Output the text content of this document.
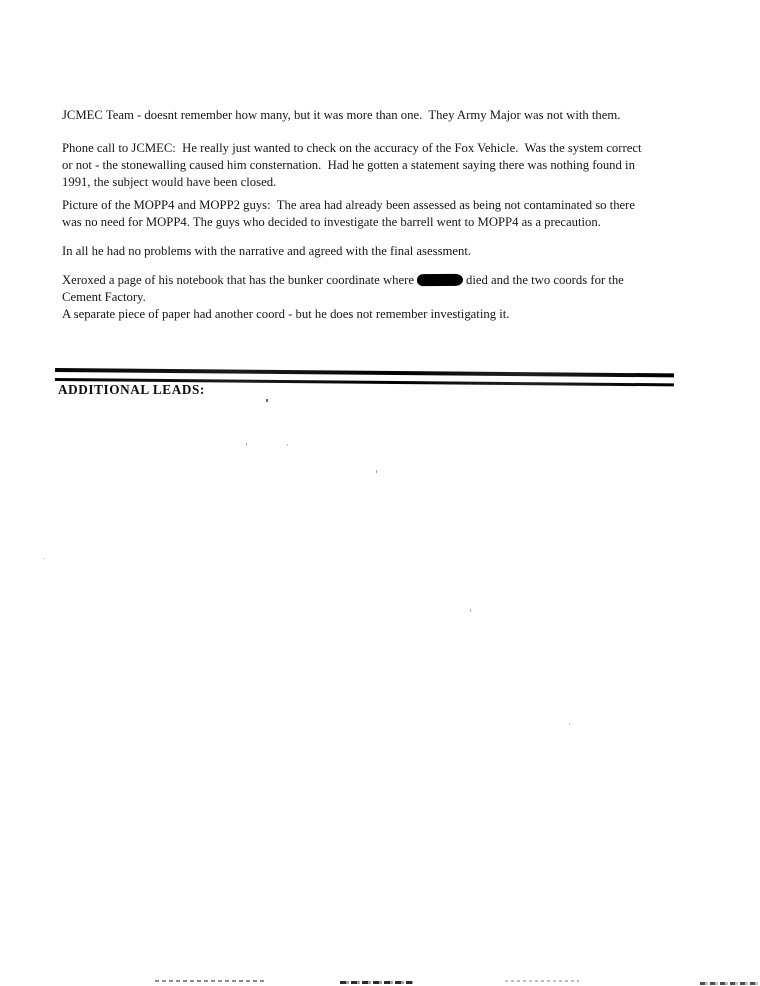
JCMEC Team - doesnt remember how many, but it was more than one.  They Army Major was not with them.
Phone call to JCMEC:  He really just wanted to check on the accuracy of the Fox Vehicle.  Was the system correct
or not - the stonewalling caused him consternation.  Had he gotten a statement saying there was nothing found in
1991, the subject would have been closed.
Picture of the MOPP4 and MOPP2 guys:  The area had already been assessed as being not contaminated so there
was no need for MOPP4. The guys who decided to investigate the barrell went to MOPP4 as a precaution.
In all he had no problems with the narrative and agreed with the final asessment.
Xeroxed a page of his notebook that has the bunker coordinate where	died and the two coords for the
Cement Factory.
A separate piece of paper had another coord - but he does not remember investigating it.
ADDITIONAL LEADS:
